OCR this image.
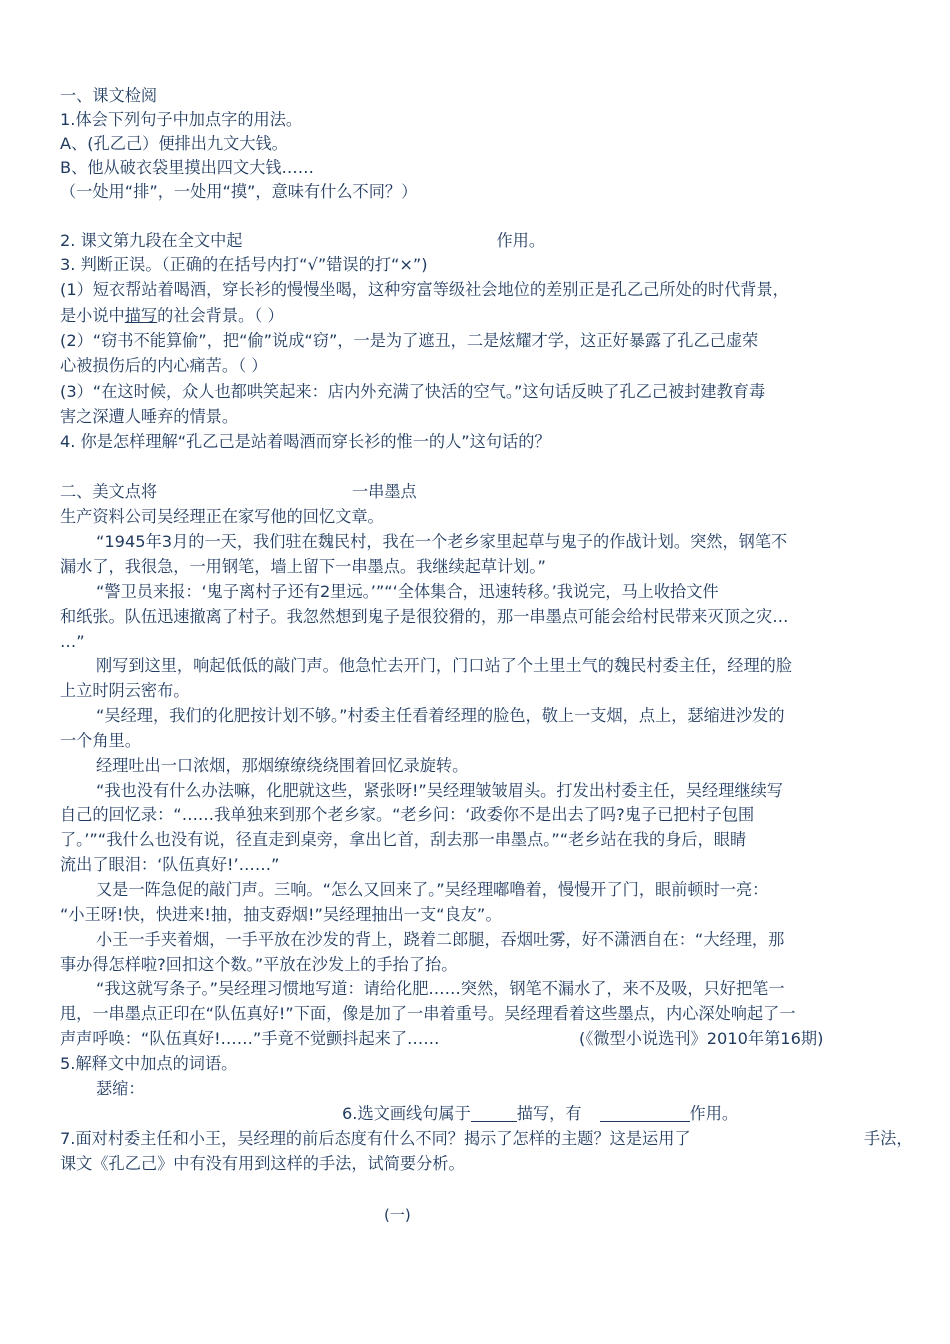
一、课文检阅
1.体会下列句子中加点字的用法。
A、(孔乙己）便排出九文大钱。
B、他从破衣袋里摸出四文大钱……
（一处用“排”，一处用“摸”，意味有什么不同？）
2. 课文第九段在全文中起	作用。
3. 判断正误。（正确的在括号内打“√”错误的打“×”)
(1）短衣帮站着喝酒，穿长衫的慢慢坐喝，这种穷富等级社会地位的差别正是孔乙己所处的时代背景，
是小说中描写的社会背景。（ ）
(2）“窃书不能算偷”，把“偷”说成“窃”，一是为了遮丑，二是炫耀才学，这正好暴露了孔乙己虚荣
心被损伤后的内心痛苦。（ ）
(3）“在这时候，众人也都哄笑起来：店内外充满了快活的空气。”这句话反映了孔乙己被封建教育毒
害之深遭人唾弃的情景。
4. 你是怎样理解“孔乙己是站着喝酒而穿长衫的惟一的人”这句话的？
二、美文点将	一串墨点
生产资料公司吴经理正在家写他的回忆文章。
“1945年3月的一天，我们驻在魏民村，我在一个老乡家里起草与鬼子的作战计划。突然，钢笔不
漏水了，我很急，一用钢笔，墙上留下一串墨点。我继续起草计划。”
“警卫员来报：‘鬼子离村子还有2里远。’”“‘全体集合，迅速转移。’我说完，马上收拾文件
和纸张。队伍迅速撤离了村子。我忽然想到鬼子是很狡猾的，那一串墨点可能会给村民带来灭顶之灾…
…”
刚写到这里，响起低低的敲门声。他急忙去开门，门口站了个土里土气的魏民村委主任，经理的脸
上立时阴云密布。
“吴经理，我们的化肥按计划不够。”村委主任看着经理的脸色，敬上一支烟，点上，瑟缩进沙发的
一个角里。
经理吐出一口浓烟，那烟缭缭绕绕围着回忆录旋转。
“我也没有什么办法嘛，化肥就这些，紧张呀!”吴经理皱皱眉头。打发出村委主任，吴经理继续写
自己的回忆录：“……我单独来到那个老乡家。“老乡问：‘政委你不是出去了吗?鬼子已把村子包围
了。’”“我什么也没有说，径直走到桌旁，拿出匕首，刮去那一串墨点。”“老乡站在我的身后，眼睛
流出了眼泪：‘队伍真好!’……”
又是一阵急促的敲门声。三响。“怎么又回来了。”吴经理嘟噜着，慢慢开了门，眼前顿时一亮：
“小王呀!快，快进来!抽，抽支孬烟!”吴经理抽出一支“良友”。
小王一手夹着烟，一手平放在沙发的背上，跷着二郎腿，吞烟吐雾，好不潇洒自在：“大经理，那
事办得怎样啦?回扣这个数。”平放在沙发上的手抬了抬。
“我这就写条子。”吴经理习惯地写道：请给化肥……突然，钢笔不漏水了，来不及吸，只好把笔一
甩，一串墨点正印在“队伍真好!”下面，像是加了一串着重号。吴经理看着这些墨点，内心深处响起了一
声声呼唤：“队伍真好!……”手竟不觉颤抖起来了……	(《微型小说选刊》2010年第16期)
5.解释文中加点的词语。
瑟缩：
6.选文画线句属于	描写，有	作用。
7.面对村委主任和小王，吴经理的前后态度有什么不同？揭示了怎样的主题？这是运用了	手法，
课文《孔乙己》中有没有用到这样的手法，试简要分析。
(一)
